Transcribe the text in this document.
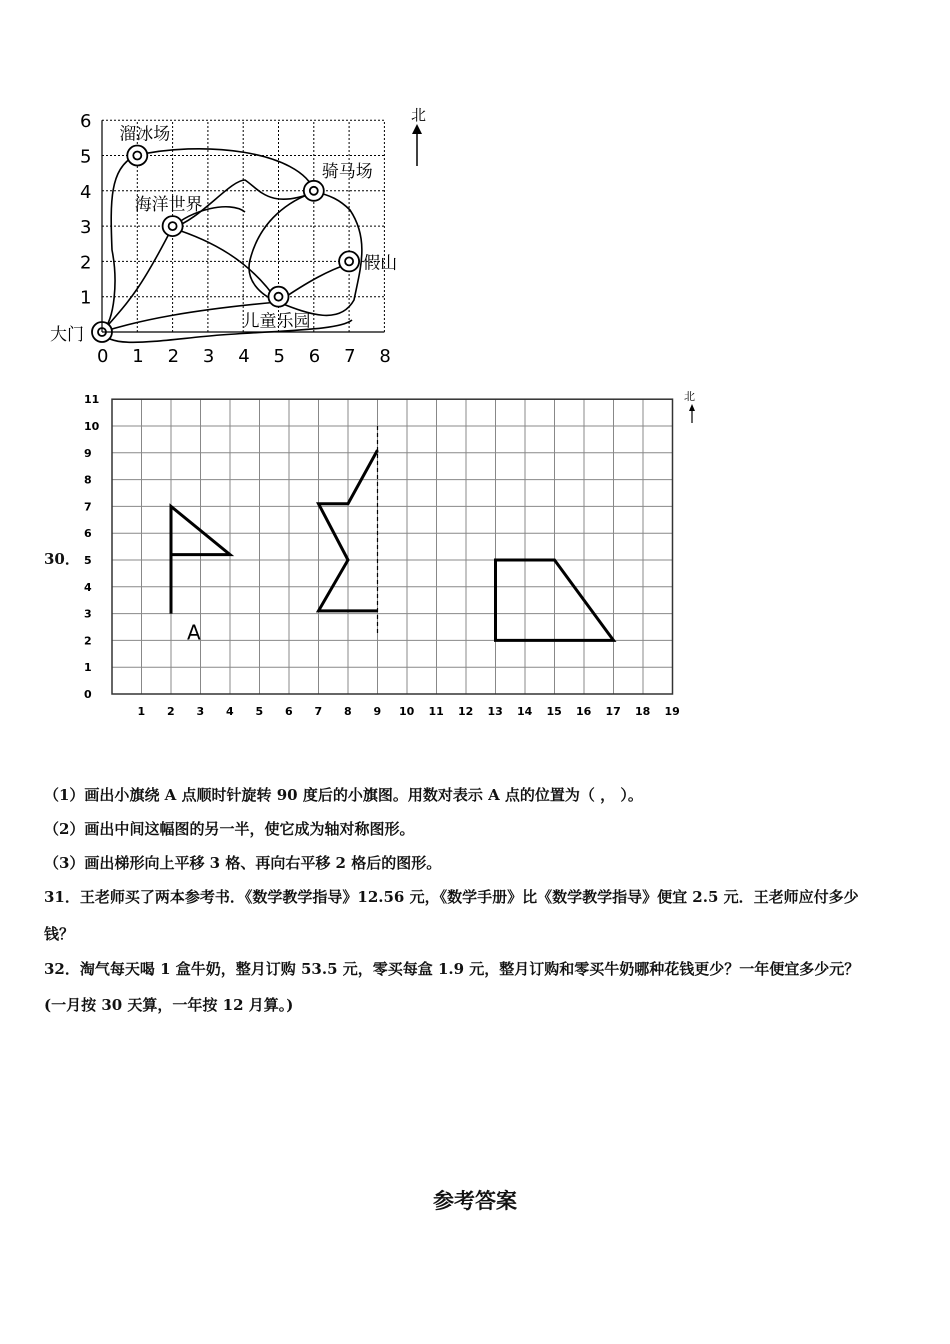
溜冰场
骑马场
海洋世界
假山
儿童乐园
大门
6
5
4
3
2
1
0 1 2 3 4 5 6 7 8
北
11
10
9
8
7
6
5
4
3
2
1
0
1 2 3 4 5 6 7 8 9 10 11 12 13 14 15 16 17 18 19
A
北
30．
（1）画出小旗绕 A 点顺时针旋转 90 度后的小旗图。用数对表示 A 点的位置为（ ， ）。
（2）画出中间这幅图的另一半，使它成为轴对称图形。
（3）画出梯形向上平移 3 格、再向右平移 2 格后的图形。
31．王老师买了两本参考书．《数学教学指导》12.56 元，《数学手册》比《数学教学指导》便宜 2.5 元．王老师应付多少
钱？
32．淘气每天喝 1 盒牛奶，整月订购 53.5 元，零买每盒 1.9 元，整月订购和零买牛奶哪种花钱更少？一年便宜多少元？
(一月按 30 天算，一年按 12 月算。)
参考答案
